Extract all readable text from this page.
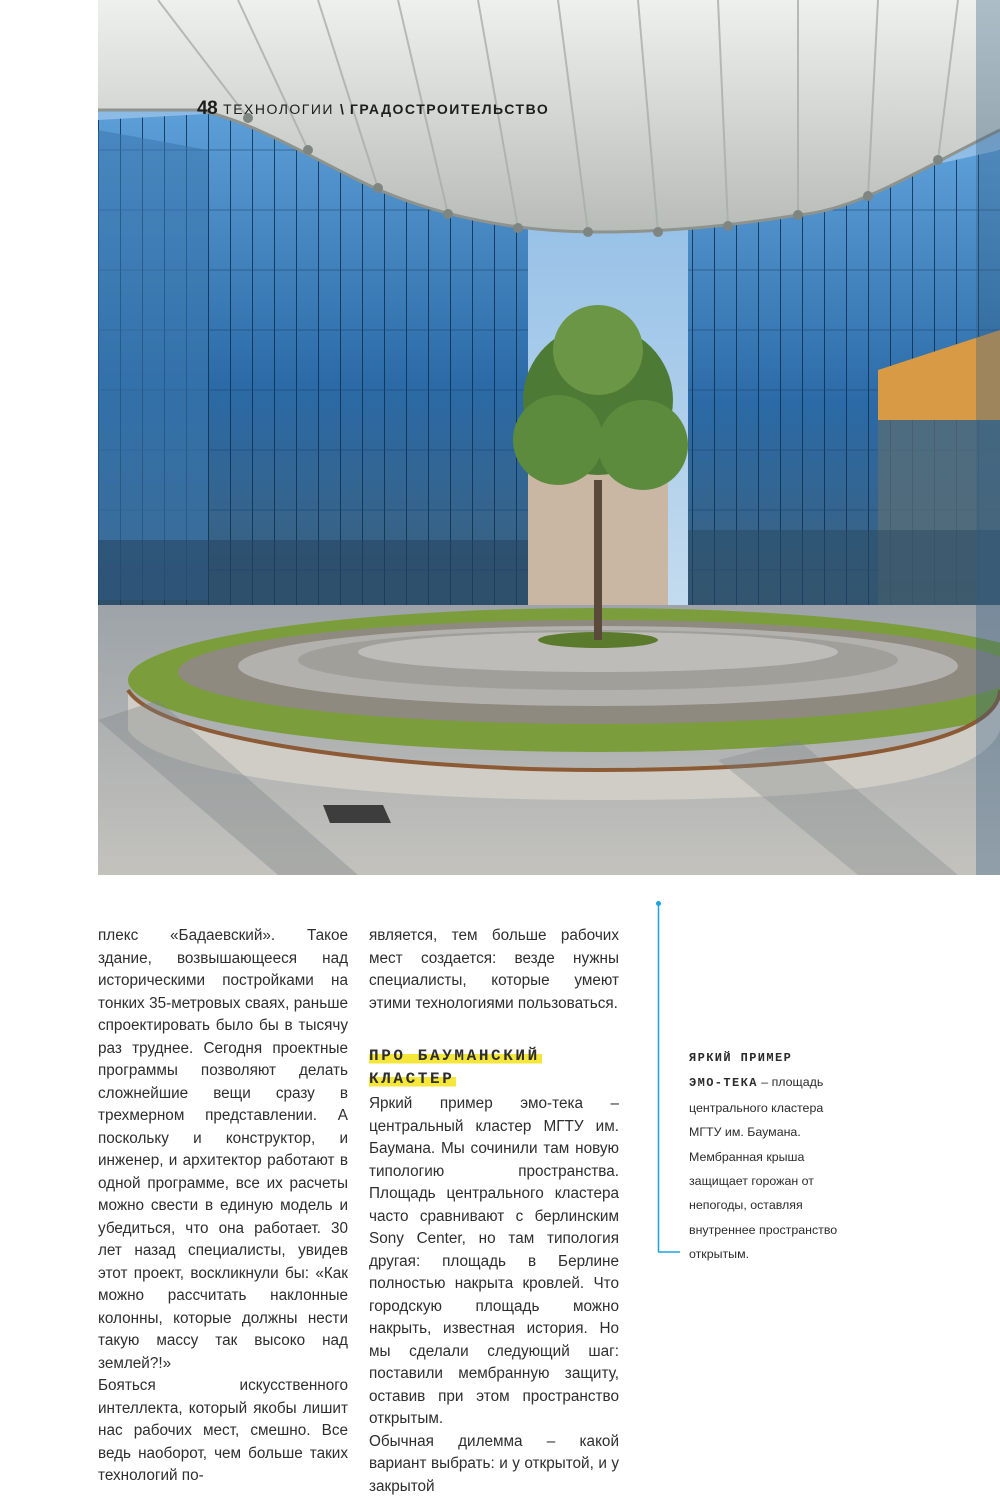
48 ТЕХНОЛОГИИ \ ГРАДОСТРОИТЕЛЬСТВО

плекс «Бадаевский». Такое здание, возвышающееся над историческими постройками на тонких 35-метровых сваях, раньше спроектировать было бы в тысячу раз труднее. Сегодня проектные программы позволяют делать сложнейшие вещи сразу в трехмерном представлении. А поскольку и конструктор, и инженер, и архитектор работают в одной программе, все их расчеты можно свести в единую модель и убедиться, что она работает. 30 лет назад специалисты, увидев этот проект, воскликнули бы: «Как можно рассчитать наклонные колонны, которые должны нести такую массу так высоко над землей?!»

Бояться искусственного интеллекта, который якобы лишит нас рабочих мест, смешно. Все ведь наоборот, чем больше таких технологий по-

является, тем больше рабочих мест создается: везде нужны специалисты, которые умеют этими технологиями пользоваться.

ПРО БАУМАНСКИЙ
КЛАСТЕР

Яркий пример эмо-тека – центральный кластер МГТУ им. Баумана. Мы сочинили там новую типологию пространства. Площадь центрального кластера часто сравнивают с берлинским Sony Center, но там типология другая: площадь в Берлине полностью накрыта кровлей. Что городскую площадь можно накрыть, известная история. Но мы сделали следующий шаг: поставили мембранную защиту, оставив при этом пространство открытым.

Обычная дилемма – какой вариант выбрать: и у открытой, и у закрытой

ЯРКИЙ ПРИМЕР
ЭМО-ТЕКА – площадь центрального кластера МГТУ им. Баумана. Мембранная крыша защищает горожан от непогоды, оставляя внутреннее пространство открытым.
